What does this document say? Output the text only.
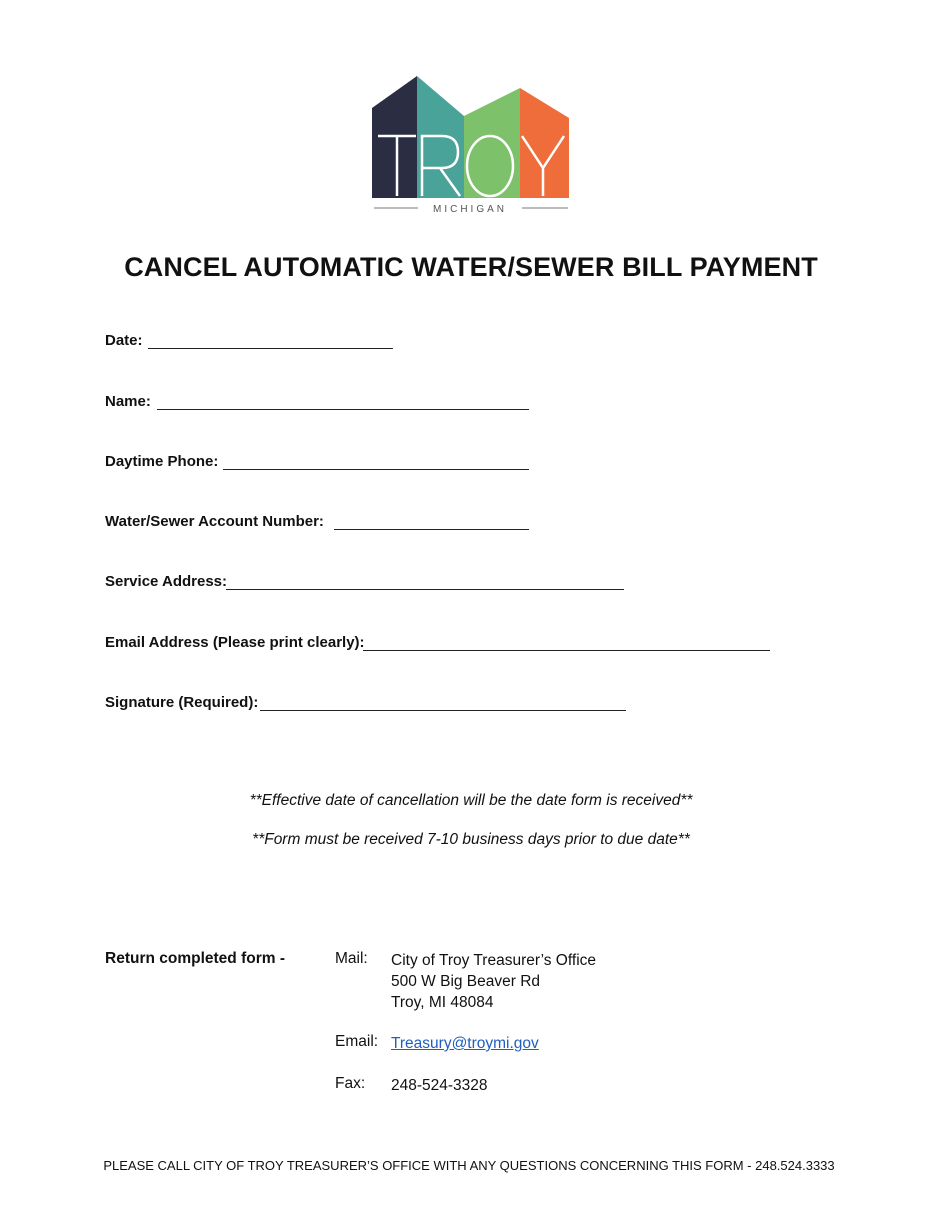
MICHIGAN
CANCEL AUTOMATIC WATER/SEWER BILL PAYMENT
Date:
Name:
Daytime Phone:
Water/Sewer Account Number:
Service Address:
Email Address (Please print clearly):
Signature (Required):
**Effective date of cancellation will be the date form is received**
**Form must be received 7-10 business days prior to due date**
Return completed form -	Mail: City of Troy Treasurer’s Office
500 W Big Beaver Rd
Troy, MI 48084
Email: Treasury@troymi.gov
Fax: 248-524-3328
PLEASE CALL CITY OF TROY TREASURER’S OFFICE WITH ANY QUESTIONS CONCERNING THIS FORM - 248.524.3333
